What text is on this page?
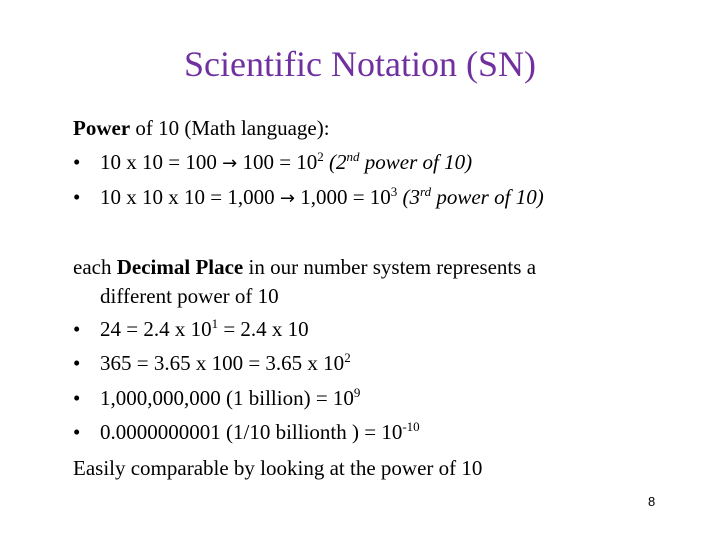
Scientific Notation (SN)
Power of 10 (Math language):
• 10 x $10 = 100 \to 100 = 10^2$ (2nd power of 10)
• 10 x 10 x $10 = 1,000 \to 1,000 = 10^3$ (3rd power of 10)
each Decimal Place in our number system represents a
different power of 10
• 24 = 2.4 x $10^1 = 2.4$ x 10
• 365 = 3.65 x 100 = 3.65 x $10^2$
• 1,000,000,000 (1 billion) = $10^9$
• 0.0000000001 (1/10 billionth ) = $10^{-10}$
Easily comparable by looking at the power of 10
8
